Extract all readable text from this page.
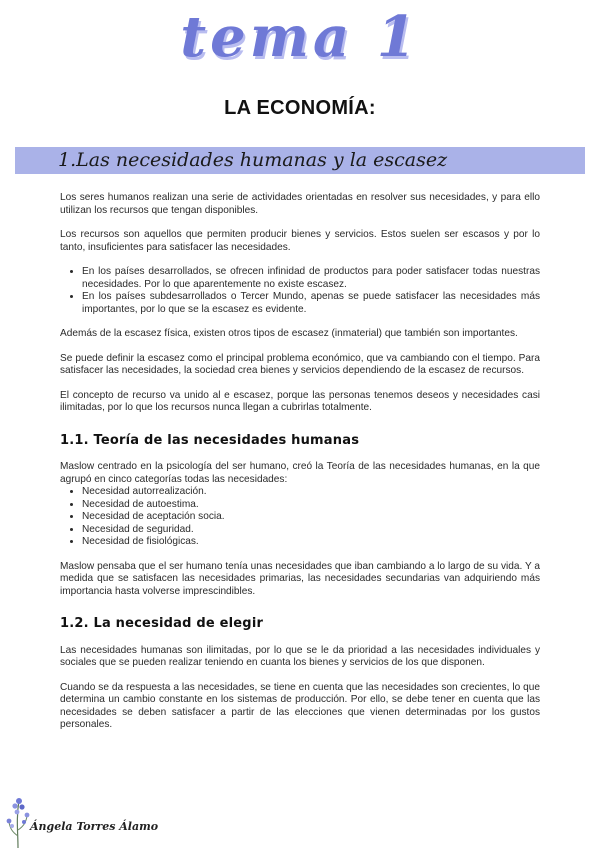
tema 1
LA ECONOMÍA:
1.Las necesidades humanas y la escasez

Los seres humanos realizan una serie de actividades orientadas en resolver sus necesidades, y para ello utilizan los recursos que tengan disponibles.

Los recursos son aquellos que permiten producir bienes y servicios. Estos suelen ser escasos y por lo tanto, insuficientes para satisfacer las necesidades.

• En los países desarrollados, se ofrecen infinidad de productos para poder satisfacer todas nuestras necesidades. Por lo que aparentemente no existe escasez.
• En los países subdesarrollados o Tercer Mundo, apenas se puede satisfacer las necesidades más importantes, por lo que se la escasez es evidente.

Además de la escasez física, existen otros tipos de escasez (inmaterial) que también son importantes.

Se puede definir la escasez como el principal problema económico, que va cambiando con el tiempo. Para satisfacer las necesidades, la sociedad crea bienes y servicios dependiendo de la escasez de recursos.

El concepto de recurso va unido al e escasez, porque las personas tenemos deseos y necesidades casi ilimitadas, por lo que los recursos nunca llegan a cubrirlas totalmente.

1.1. Teoría de las necesidades humanas

Maslow centrado en la psicología del ser humano, creó la Teoría de las necesidades humanas, en la que agrupó en cinco categorías todas las necesidades:

• Necesidad autorrealización.
• Necesidad de autoestima.
• Necesidad de aceptación socia.
• Necesidad de seguridad.
• Necesidad de fisiológicas.

Maslow pensaba que el ser humano tenía unas necesidades que iban cambiando a lo largo de su vida. Y a medida que se satisfacen las necesidades primarias, las necesidades secundarias van adquiriendo más importancia hasta volverse imprescindibles.

1.2. La necesidad de elegir

Las necesidades humanas son ilimitadas, por lo que se le da prioridad a las necesidades individuales y sociales que se pueden realizar teniendo en cuanta los bienes y servicios de los que disponen.

Cuando se da respuesta a las necesidades, se tiene en cuenta que las necesidades son crecientes, lo que determina un cambio constante en los sistemas de producción. Por ello, se debe tener en cuenta que las necesidades se deben satisfacer a partir de las elecciones que vienen determinadas por los gustos personales.

Ángela Torres Álamo
